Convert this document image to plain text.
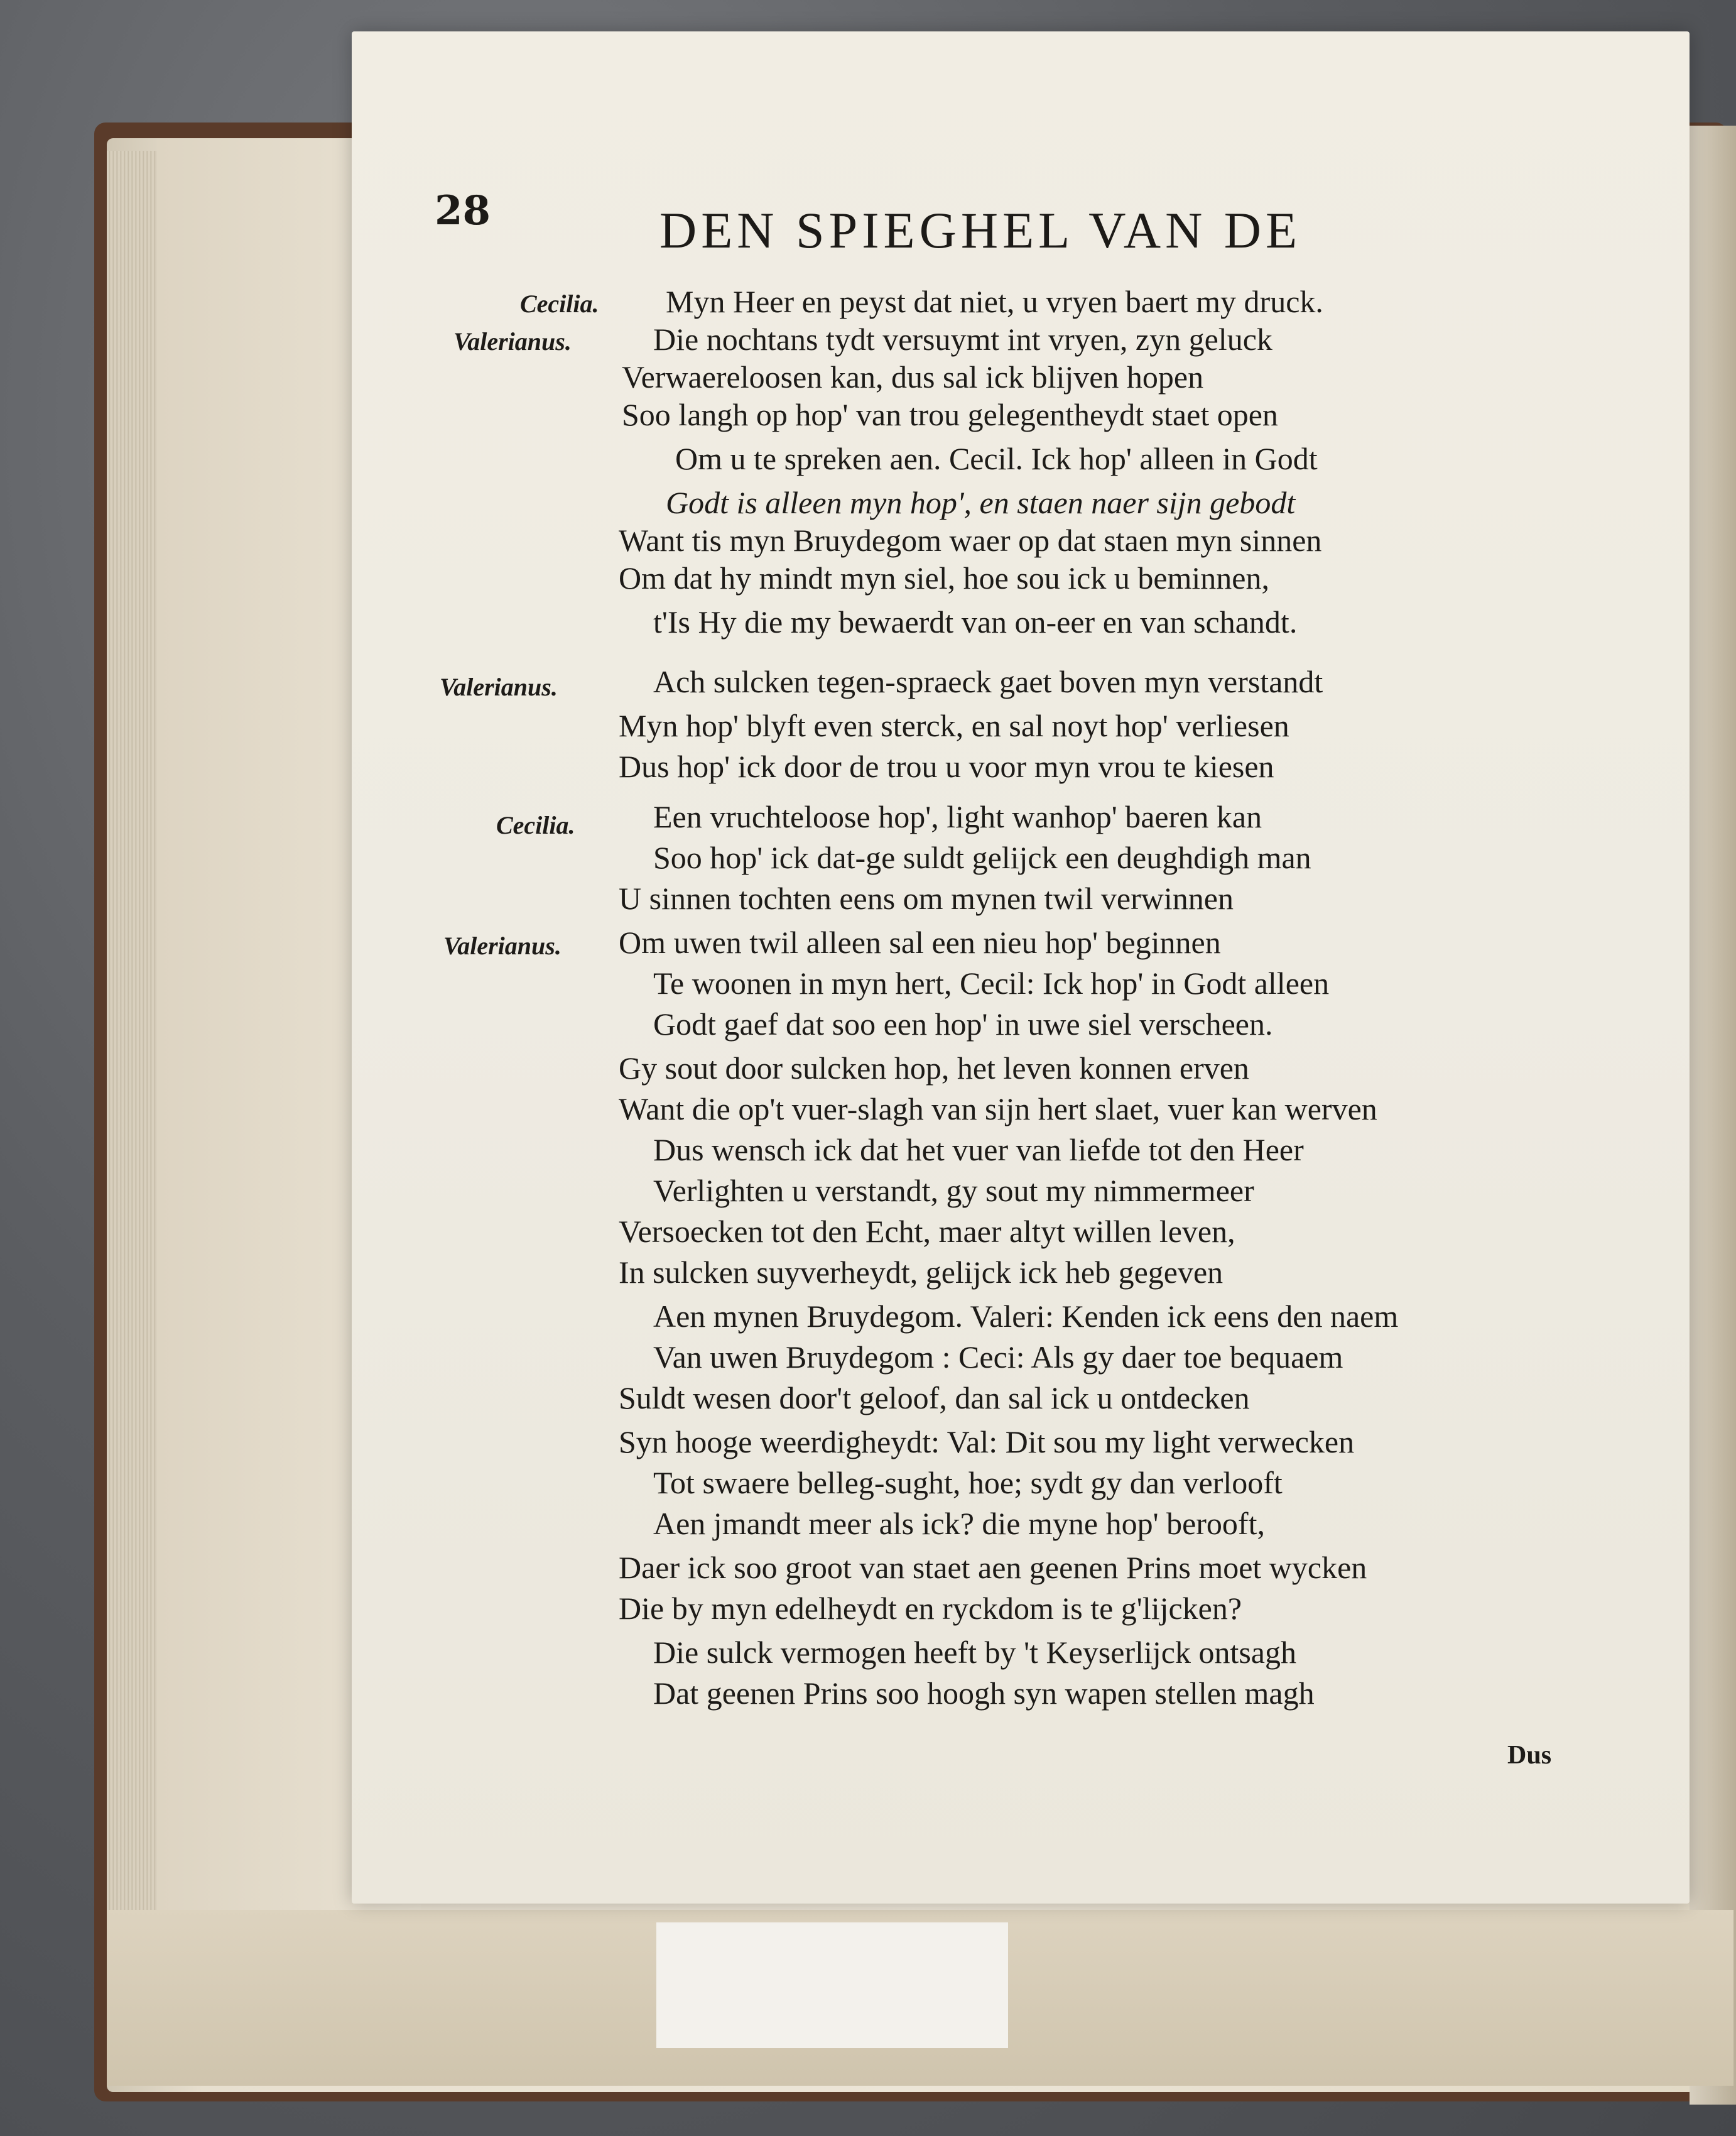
28	DEN SPIEGHEL VAN DE
Cecilia.
Valerianus.
Valerianus.
Cecilia.
Valerianus.
Myn Heer en peyst dat niet, u vryen baert my druck.
Die nochtans tydt versuymt int vryen, zyn geluck
Verwaereloosen kan, dus sal ick blijven hopen
Soo langh op hop' van trou gelegentheydt staet open
Om u te spreken aen. Cecil. Ick hop' alleen in Godt
Godt is alleen myn hop', en staen naer sijn gebodt
Want tis myn Bruydegom waer op dat staen myn sinnen
Om dat hy mindt myn siel, hoe sou ick u beminnen,
t'Is Hy die my bewaerdt van on-eer en van schandt.
Ach sulcken tegen-spraeck gaet boven myn verstandt
Myn hop' blyft even sterck, en sal noyt hop' verliesen
Dus hop' ick door de trou u voor myn vrou te kiesen
Een vruchteloose hop', light wanhop' baeren kan
Soo hop' ick dat-ge suldt gelijck een deughdigh man
U sinnen tochten eens om mynen twil verwinnen
Om uwen twil alleen sal een nieu hop' beginnen
Te woonen in myn hert, Cecil: Ick hop' in Godt alleen
Godt gaef dat soo een hop' in uwe siel verscheen.
Gy sout door sulcken hop, het leven konnen erven
Want die op't vuer-slagh van sijn hert slaet, vuer kan werven
Dus wensch ick dat het vuer van liefde tot den Heer
Verlighten u verstandt, gy sout my nimmermeer
Versoecken tot den Echt, maer altyt willen leven,
In sulcken suyverheydt, gelijck ick heb gegeven
Aen mynen Bruydegom. Valeri: Kenden ick eens den naem
Van uwen Bruydegom : Ceci: Als gy daer toe bequaem
Suldt wesen door't geloof, dan sal ick u ontdecken
Syn hooge weerdigheydt: Val: Dit sou my light verwecken
Tot swaere belleg-sught, hoe; sydt gy dan verlooft
Aen jmandt meer als ick? die myne hop' berooft,
Daer ick soo groot van staet aen geenen Prins moet wycken
Die by myn edelheydt en ryckdom is te g'lijcken?
Die sulck vermogen heeft by 't Keyserlijck ontsagh
Dat geenen Prins soo hoogh syn wapen stellen magh
Dus
